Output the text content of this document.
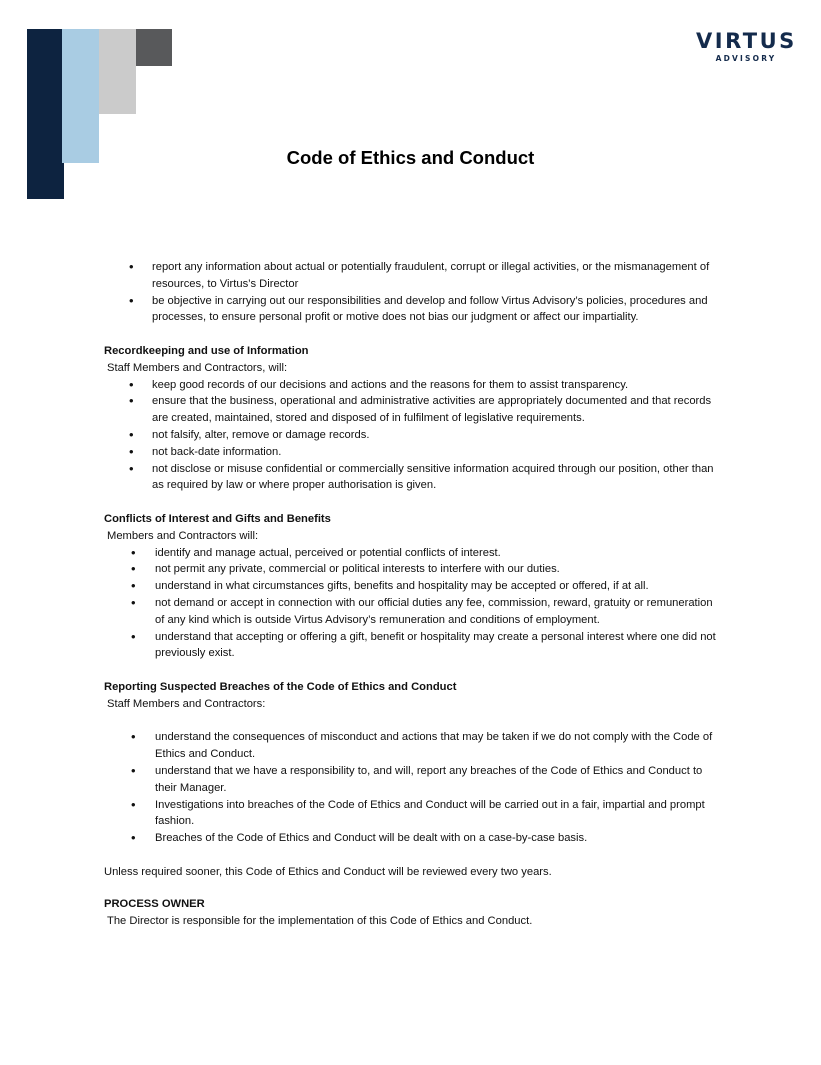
VIRTUS
ADVISORY
Code of Ethics and Conduct
• report any information about actual or potentially fraudulent, corrupt or illegal activities, or the mismanagement of resources, to Virtus’s Director
• be objective in carrying out our responsibilities and develop and follow Virtus Advisory’s policies, procedures and processes, to ensure personal profit or motive does not bias our judgment or affect our impartiality.
Recordkeeping and use of Information
Staff Members and Contractors, will:
• keep good records of our decisions and actions and the reasons for them to assist transparency.
• ensure that the business, operational and administrative activities are appropriately documented and that records are created, maintained, stored and disposed of in fulfilment of legislative requirements.
• not falsify, alter, remove or damage records.
• not back-date information.
• not disclose or misuse confidential or commercially sensitive information acquired through our position, other than as required by law or where proper authorisation is given.
Conflicts of Interest and Gifts and Benefits
Members and Contractors will:
• identify and manage actual, perceived or potential conflicts of interest.
• not permit any private, commercial or political interests to interfere with our duties.
• understand in what circumstances gifts, benefits and hospitality may be accepted or offered, if at all.
• not demand or accept in connection with our official duties any fee, commission, reward, gratuity or remuneration of any kind which is outside Virtus Advisory’s remuneration and conditions of employment.
• understand that accepting or offering a gift, benefit or hospitality may create a personal interest where one did not previously exist.
Reporting Suspected Breaches of the Code of Ethics and Conduct
Staff Members and Contractors:
• understand the consequences of misconduct and actions that may be taken if we do not comply with the Code of Ethics and Conduct.
• understand that we have a responsibility to, and will, report any breaches of the Code of Ethics and Conduct to their Manager.
• Investigations into breaches of the Code of Ethics and Conduct will be carried out in a fair, impartial and prompt fashion.
• Breaches of the Code of Ethics and Conduct will be dealt with on a case-by-case basis.
Unless required sooner, this Code of Ethics and Conduct will be reviewed every two years.
PROCESS OWNER
The Director is responsible for the implementation of this Code of Ethics and Conduct.
